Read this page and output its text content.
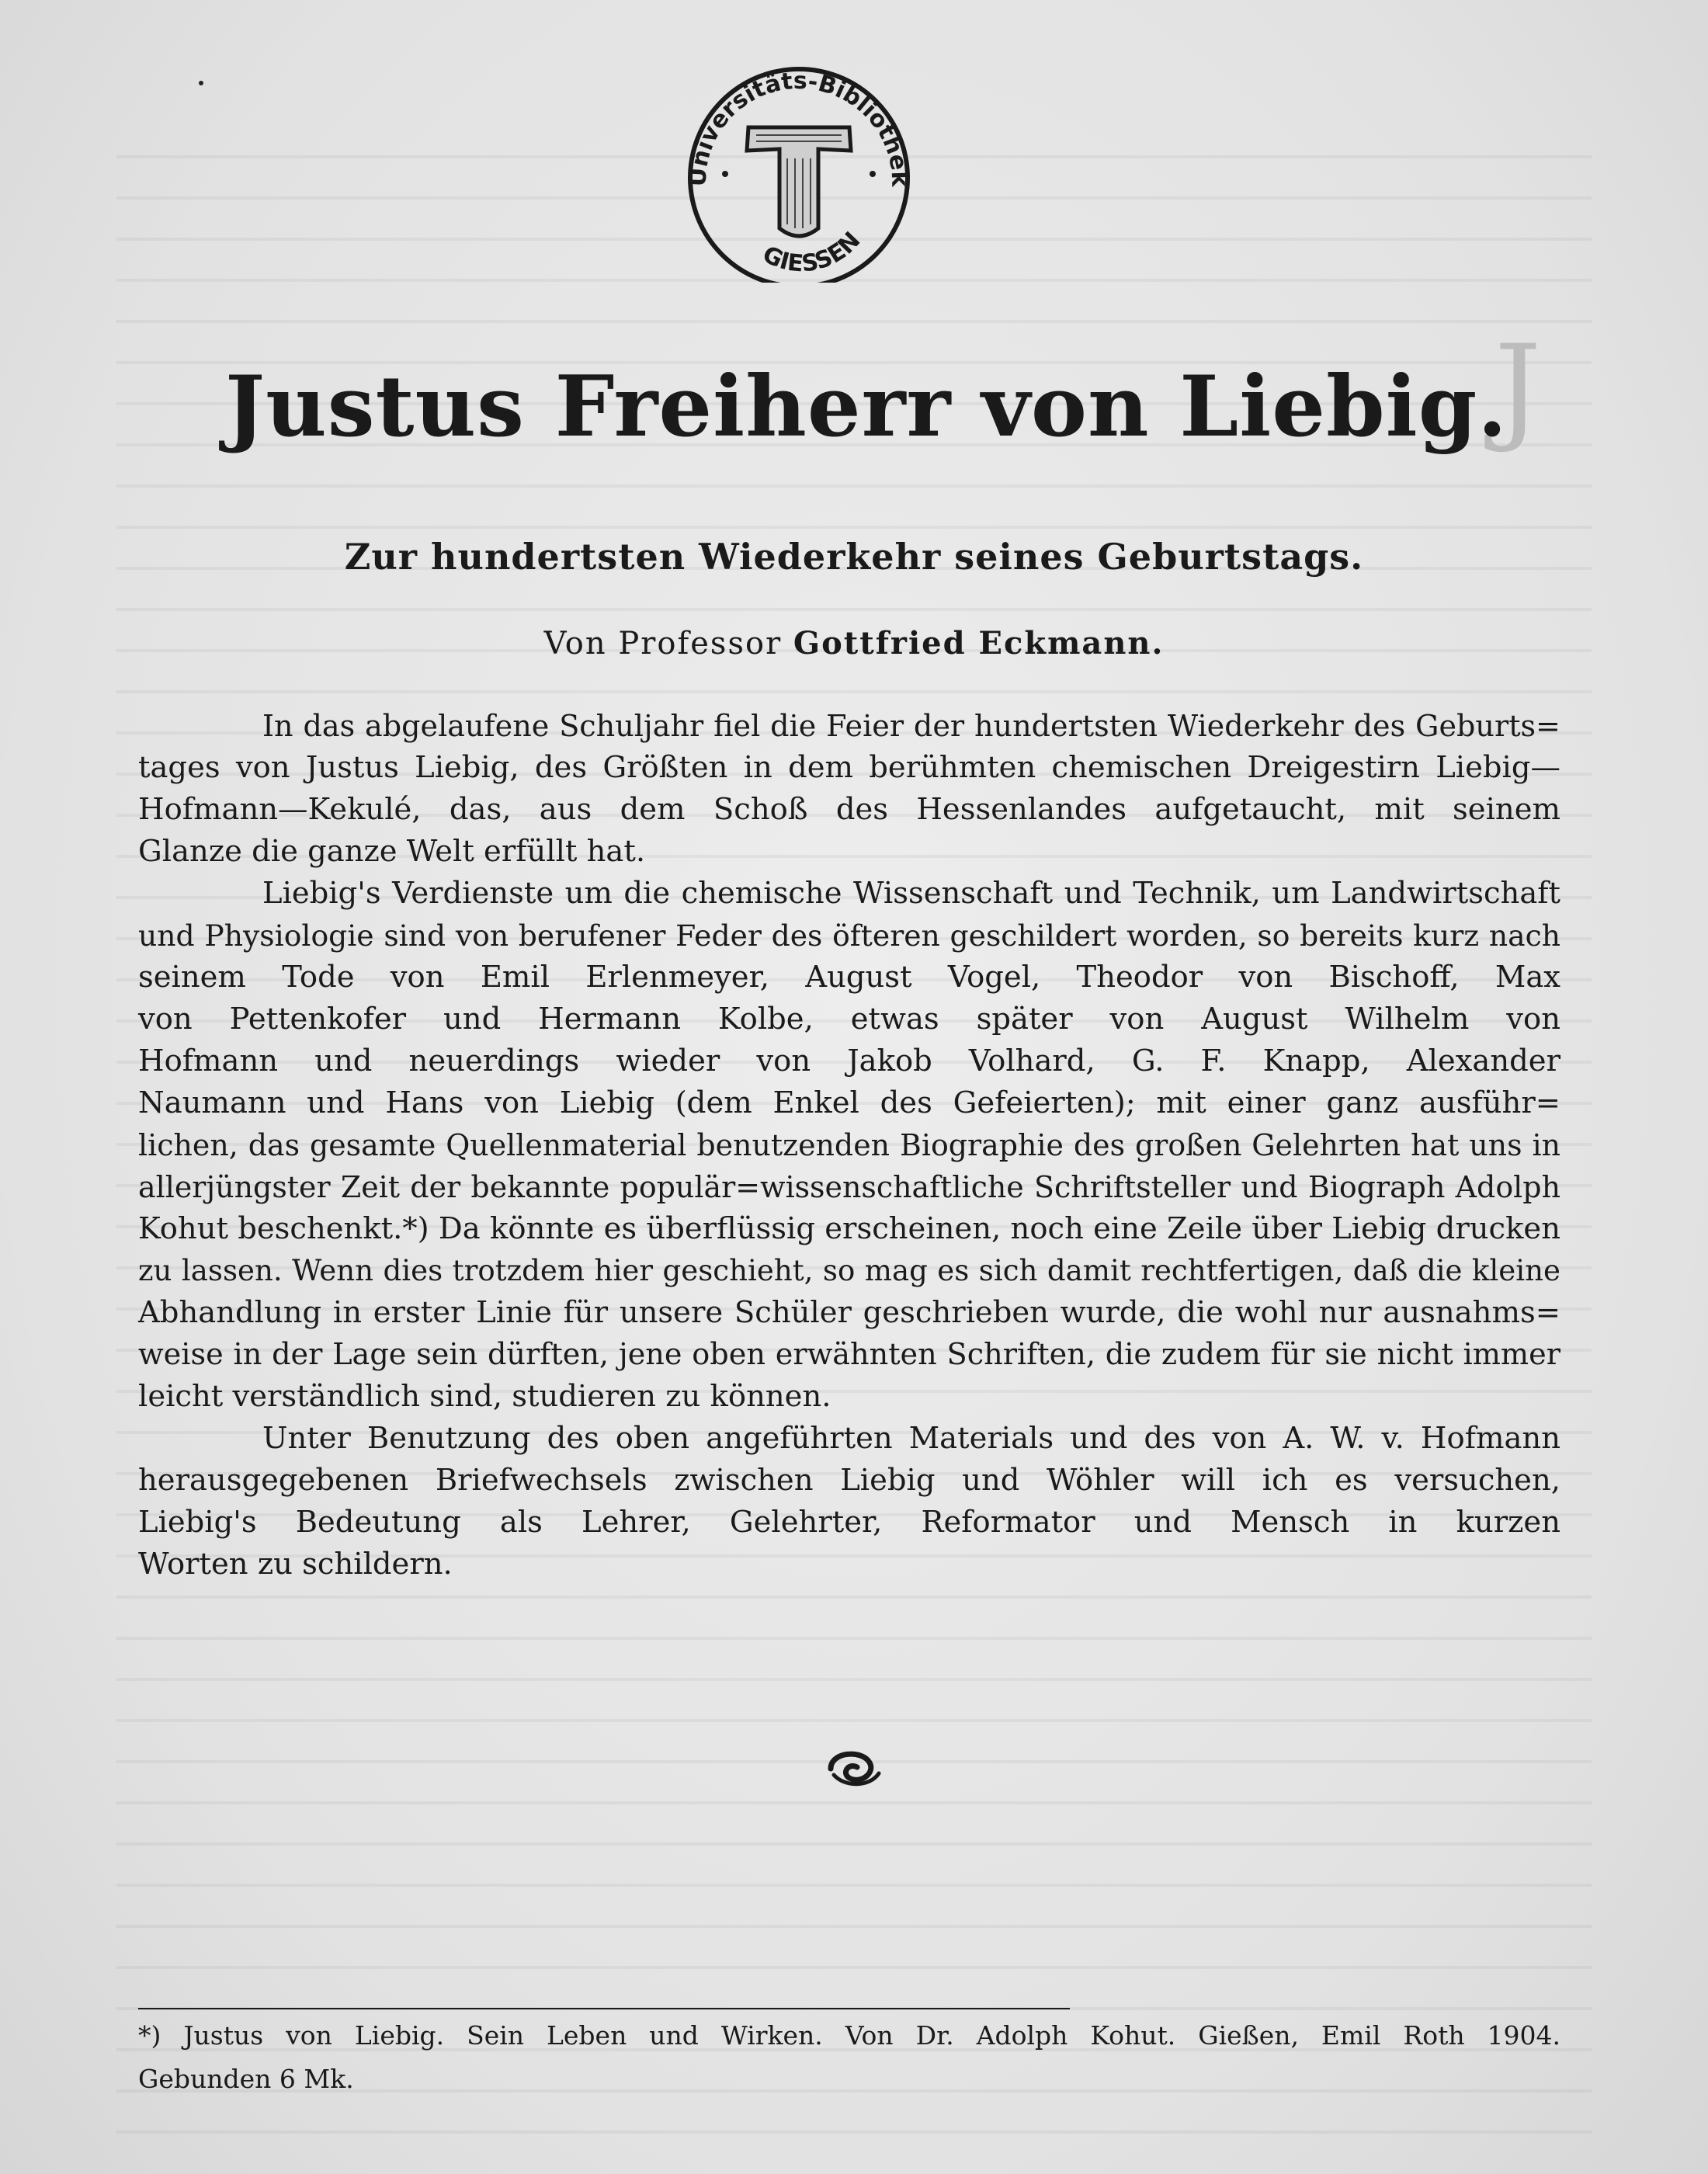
Universitäts-Bibliothek
GIESSEN
J
Justus Freiherr von Liebig.
Zur hundertsten Wiederkehr seines Geburtstags.
Von Professor Gottfried Eckmann.
In das abgelaufene Schuljahr fiel die Feier der hundertsten Wiederkehr des Geburts=
tages von Justus Liebig, des Größten in dem berühmten chemischen Dreigestirn Liebig—
Hofmann—Kekulé, das, aus dem Schoß des Hessenlandes aufgetaucht, mit seinem
Glanze die ganze Welt erfüllt hat.
Liebig's Verdienste um die chemische Wissenschaft und Technik, um Landwirtschaft
und Physiologie sind von berufener Feder des öfteren geschildert worden, so bereits kurz nach
seinem Tode von Emil Erlenmeyer, August Vogel, Theodor von Bischoff, Max
von Pettenkofer und Hermann Kolbe, etwas später von August Wilhelm von
Hofmann und neuerdings wieder von Jakob Volhard, G. F. Knapp, Alexander
Naumann und Hans von Liebig (dem Enkel des Gefeierten); mit einer ganz ausführ=
lichen, das gesamte Quellenmaterial benutzenden Biographie des großen Gelehrten hat uns in
allerjüngster Zeit der bekannte populär=wissenschaftliche Schriftsteller und Biograph Adolph
Kohut beschenkt.*) Da könnte es überflüssig erscheinen, noch eine Zeile über Liebig drucken
zu lassen. Wenn dies trotzdem hier geschieht, so mag es sich damit rechtfertigen, daß die kleine
Abhandlung in erster Linie für unsere Schüler geschrieben wurde, die wohl nur ausnahms=
weise in der Lage sein dürften, jene oben erwähnten Schriften, die zudem für sie nicht immer
leicht verständlich sind, studieren zu können.
Unter Benutzung des oben angeführten Materials und des von A. W. v. Hofmann
herausgegebenen Briefwechsels zwischen Liebig und Wöhler will ich es versuchen,
Liebig's Bedeutung als Lehrer, Gelehrter, Reformator und Mensch in kurzen
Worten zu schildern.
*) Justus von Liebig. Sein Leben und Wirken. Von Dr. Adolph Kohut. Gießen, Emil Roth 1904.
Gebunden 6 Mk.
